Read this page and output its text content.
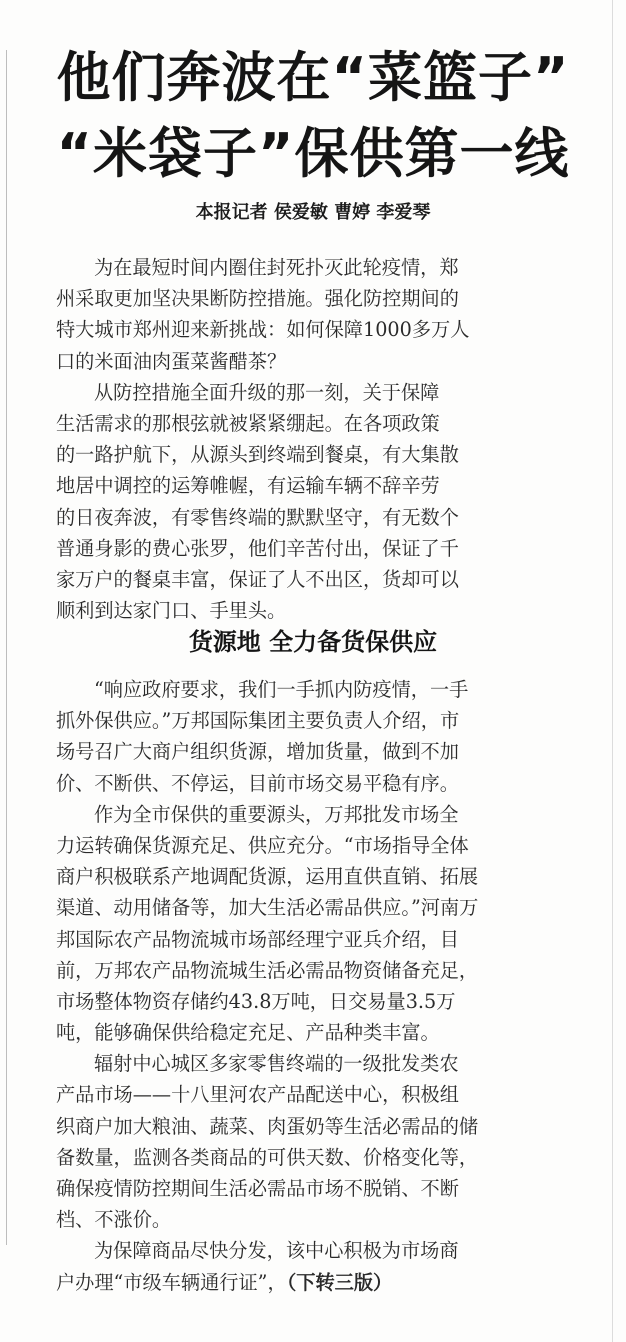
他们奔波在“菜篮子”
“米袋子”保供第一线
本报记者 侯爱敏 曹婷 李爱琴
为在最短时间内圈住封死扑灭此轮疫情，郑
州采取更加坚决果断防控措施。强化防控期间的
特大城市郑州迎来新挑战：如何保障1000多万人
口的米面油肉蛋菜酱醋茶？
从防控措施全面升级的那一刻，关于保障
生活需求的那根弦就被紧紧绷起。在各项政策
的一路护航下，从源头到终端到餐桌，有大集散
地居中调控的运筹帷幄，有运输车辆不辞辛劳
的日夜奔波，有零售终端的默默坚守，有无数个
普通身影的费心张罗，他们辛苦付出，保证了千
家万户的餐桌丰富，保证了人不出区，货却可以
顺利到达家门口、手里头。
货源地 全力备货保供应
“响应政府要求，我们一手抓内防疫情，一手
抓外保供应。”万邦国际集团主要负责人介绍，市
场号召广大商户组织货源，增加货量，做到不加
价、不断供、不停运，目前市场交易平稳有序。
作为全市保供的重要源头，万邦批发市场全
力运转确保货源充足、供应充分。“市场指导全体
商户积极联系产地调配货源，运用直供直销、拓展
渠道、动用储备等，加大生活必需品供应。”河南万
邦国际农产品物流城市场部经理宁亚兵介绍，目
前，万邦农产品物流城生活必需品物资储备充足，
市场整体物资存储约43.8万吨，日交易量3.5万
吨，能够确保供给稳定充足、产品种类丰富。
辐射中心城区多家零售终端的一级批发类农
产品市场——十八里河农产品配送中心，积极组
织商户加大粮油、蔬菜、肉蛋奶等生活必需品的储
备数量，监测各类商品的可供天数、价格变化等，
确保疫情防控期间生活必需品市场不脱销、不断
档、不涨价。
为保障商品尽快分发，该中心积极为市场商
户办理“市级车辆通行证”，（下转三版）
